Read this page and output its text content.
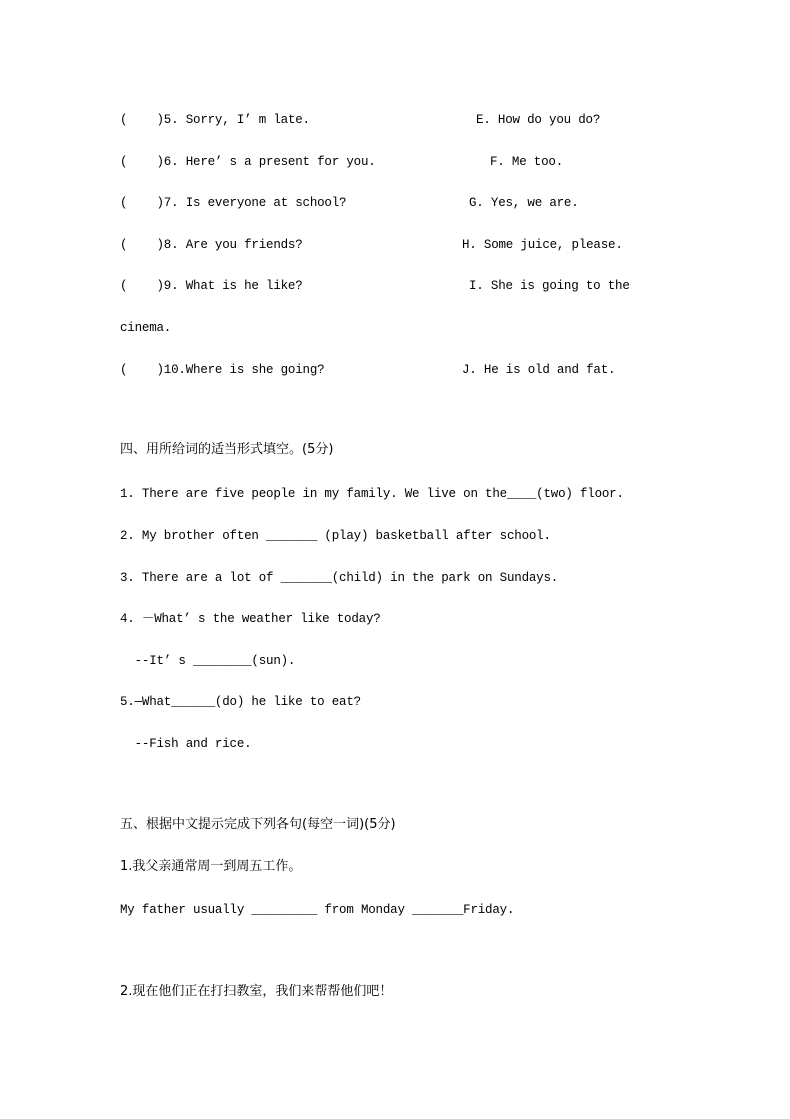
(    )5. Sorry, I’ m late.	E. How do you do?
(    )6. Here’ s a present for you.	F. Me too.
(    )7. Is everyone at school?	G. Yes, we are.
(    )8. Are you friends?	H. Some juice, please.
(    )9. What is he like?	I. She is going to the
cinema.
(    )10.Where is she going?	J. He is old and fat.
四、用所给词的适当形式填空。(5分)
1. There are five people in my family. We live on the____(two) floor.
2. My brother often _______ (play) basketball after school.
3. There are a lot of _______(child) in the park on Sundays.
4. －What’ s the weather like today?
--It’ s ________(sun).
5.—What______(do) he like to eat?
--Fish and rice.
五、根据中文提示完成下列各句(每空一词)(5分)
1.我父亲通常周一到周五工作。
My father usually _________ from Monday _______Friday.
2.现在他们正在打扫教室，我们来帮帮他们吧！
